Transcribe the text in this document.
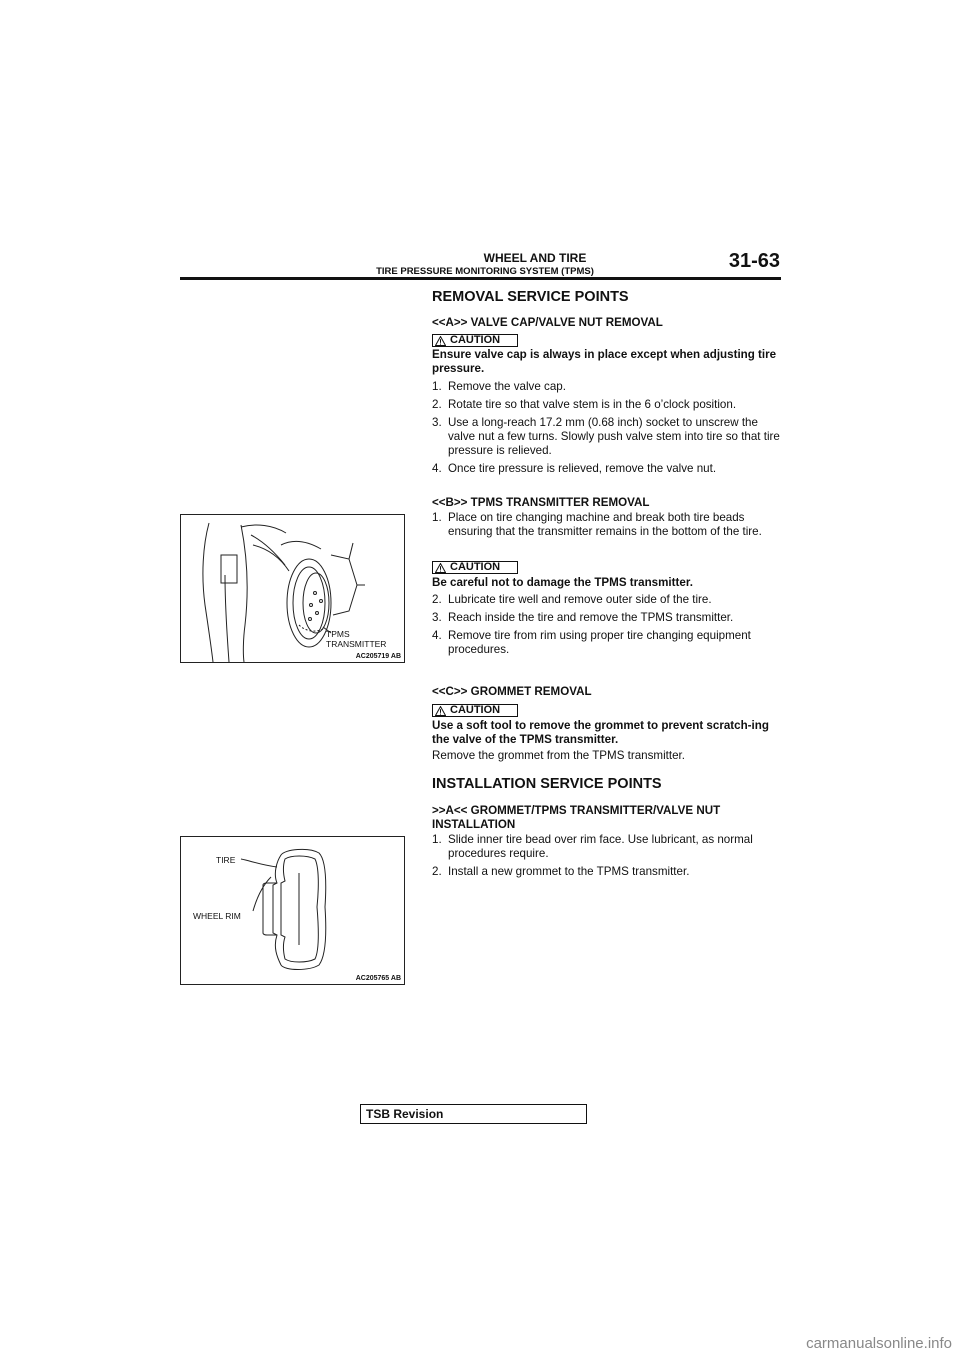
WHEEL AND TIRE
TIRE PRESSURE MONITORING SYSTEM (TPMS)	31-63
REMOVAL SERVICE POINTS
<<A>> VALVE CAP/VALVE NUT REMOVAL
CAUTION
Ensure valve cap is always in place except when adjusting tire pressure.
1. Remove the valve cap.
2. Rotate tire so that valve stem is in the 6 o’clock position.
3. Use a long-reach 17.2 mm (0.68 inch) socket to unscrew the valve nut a few turns. Slowly push valve stem into tire so that tire pressure is relieved.
4. Once tire pressure is relieved, remove the valve nut.
<<B>> TPMS TRANSMITTER REMOVAL
1. Place on tire changing machine and break both tire beads ensuring that the transmitter remains in the bottom of the tire.
CAUTION
Be careful not to damage the TPMS transmitter.
2. Lubricate tire well and remove outer side of the tire.
3. Reach inside the tire and remove the TPMS transmitter.
4. Remove tire from rim using proper tire changing equipment procedures.
<<C>> GROMMET REMOVAL
CAUTION
Use a soft tool to remove the grommet to prevent scratch-ing the valve of the TPMS transmitter.
Remove the grommet from the TPMS transmitter.
INSTALLATION SERVICE POINTS
>>A<< GROMMET/TPMS TRANSMITTER/VALVE NUT INSTALLATION
1. Slide inner tire bead over rim face. Use lubricant, as normal procedures require.
2. Install a new grommet to the TPMS transmitter.
TPMS
TRANSMITTER
AC205719 AB
TIRE
WHEEL RIM
AC205765 AB
TSB Revision
carmanualsonline.info
